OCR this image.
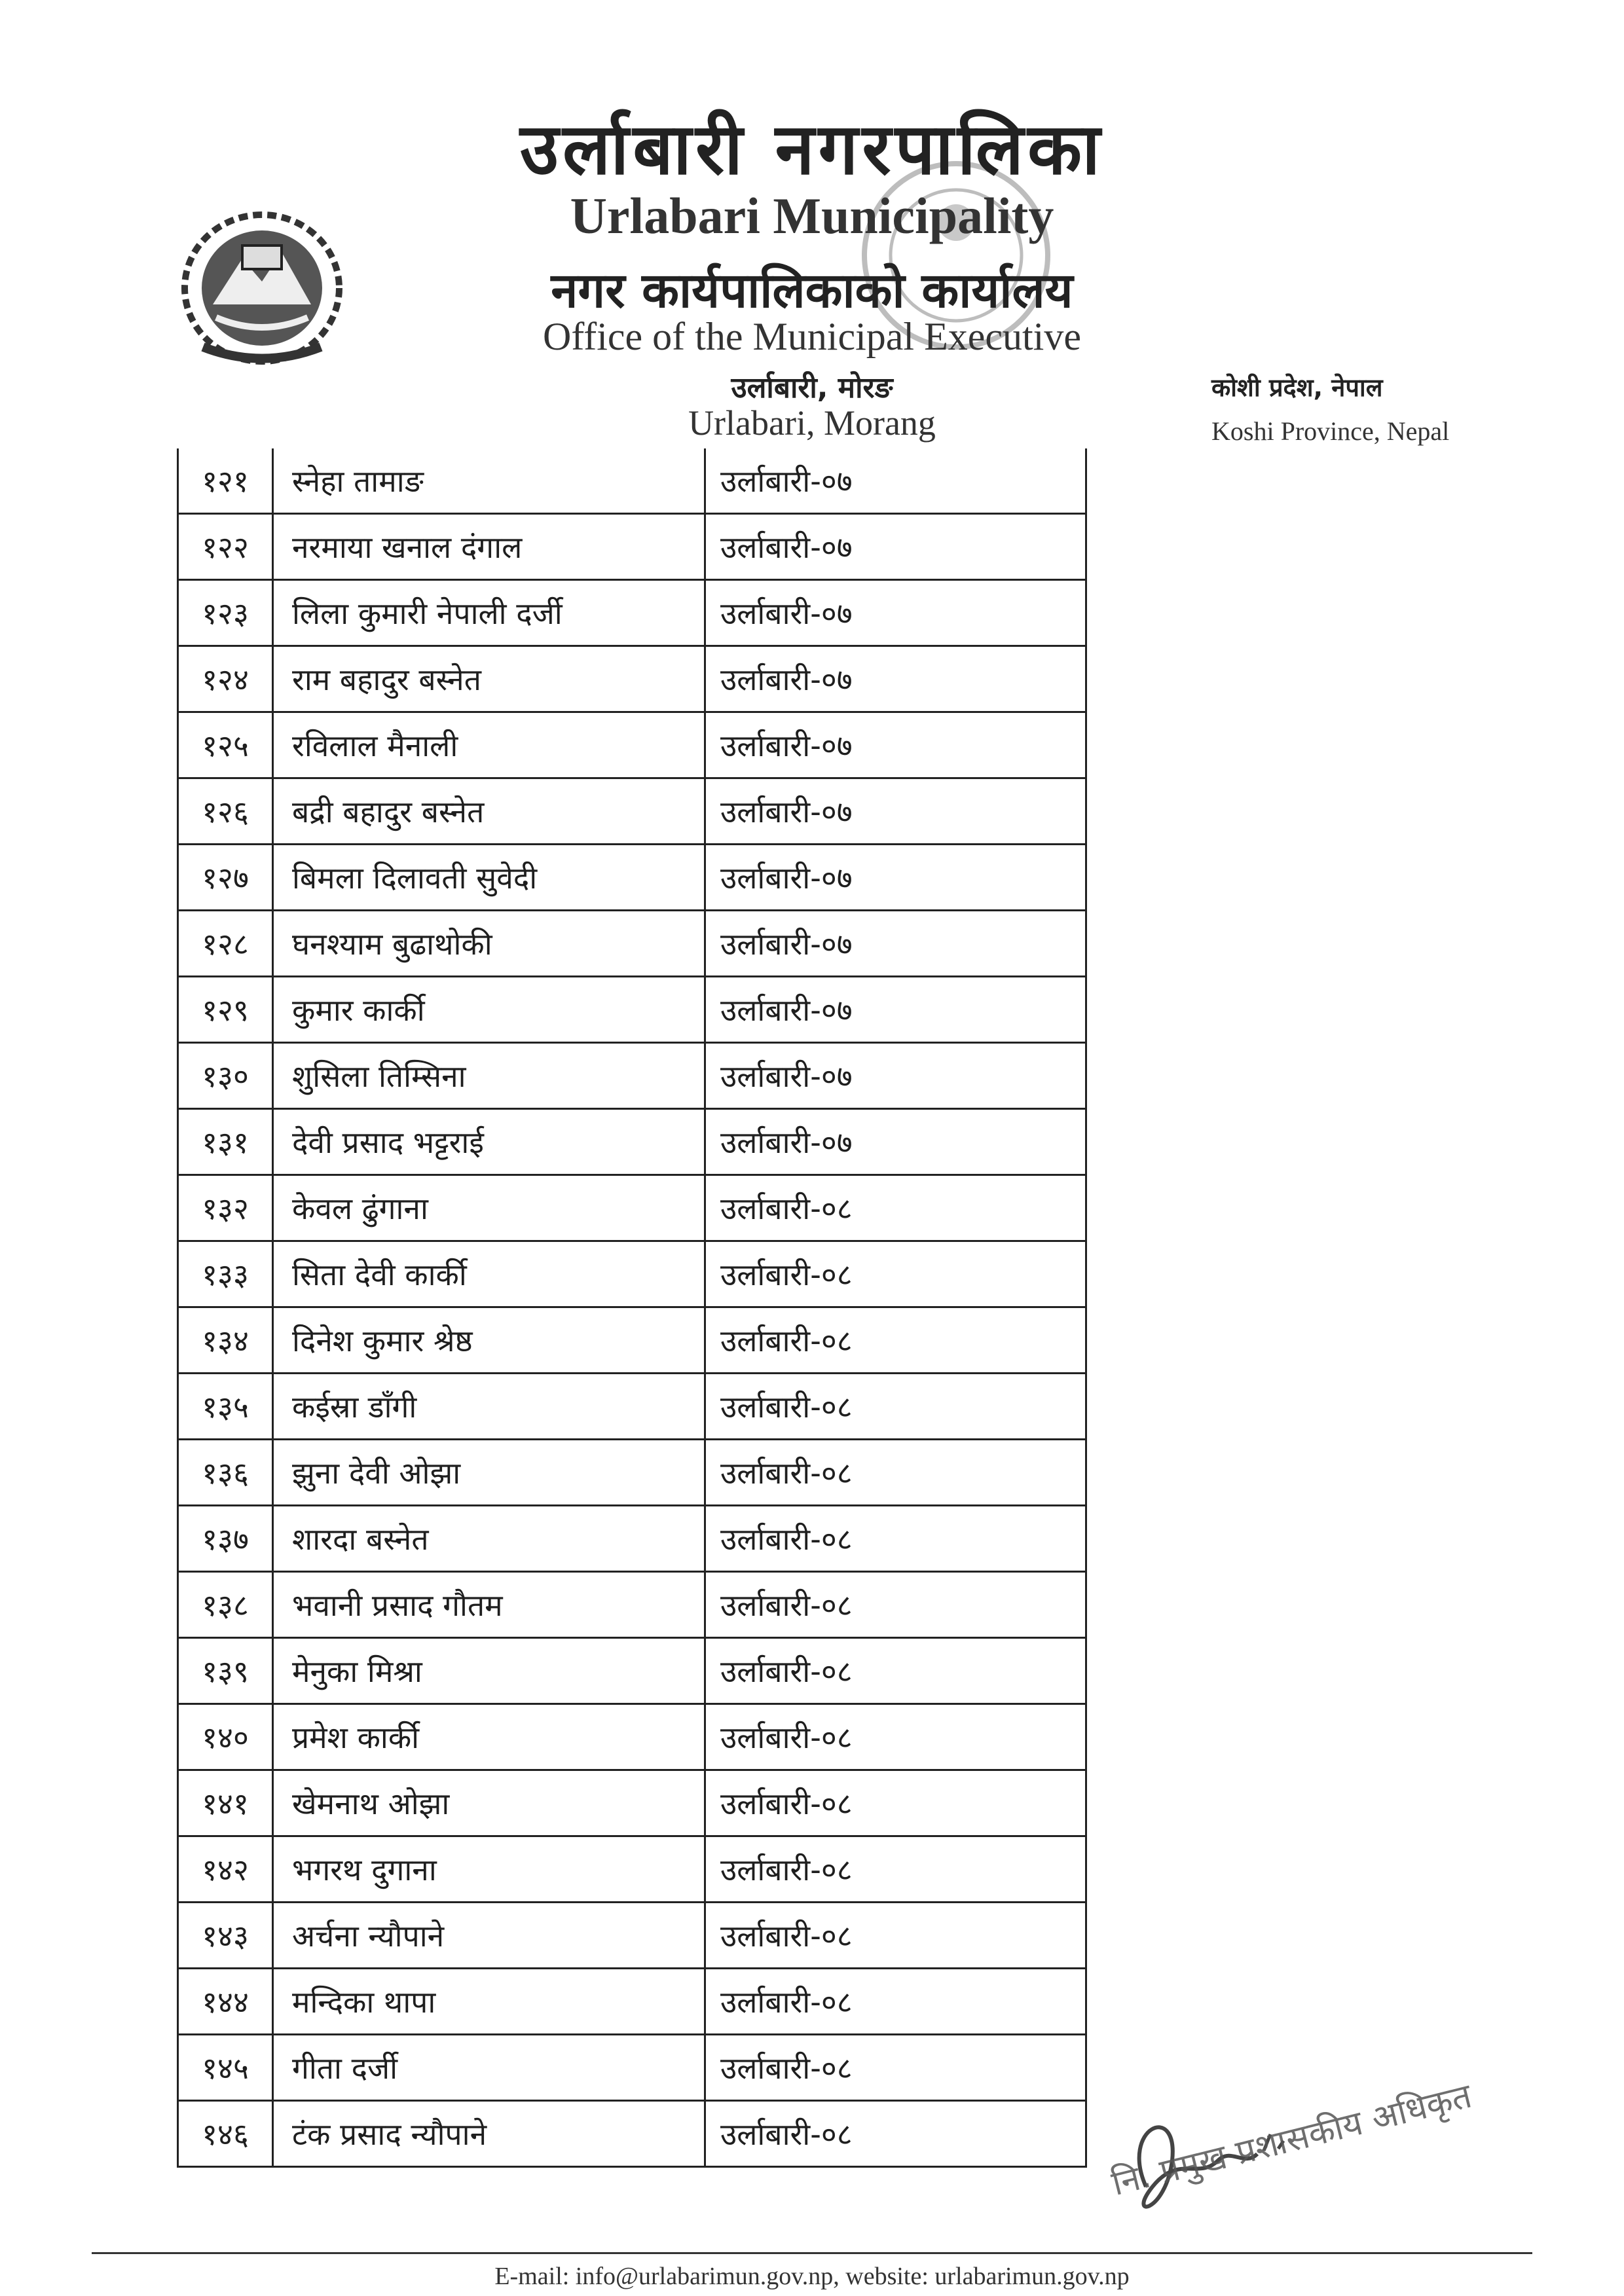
उर्लाबारी नगरपालिका
Urlabari Municipality
नगर कार्यपालिकाको कार्यालय
Office of the Municipal Executive
उर्लाबारी, मोरङ
Urlabari, Morang
कोशी प्रदेश, नेपाल
Koshi Province, Nepal
१२१	स्नेहा तामाङ	उर्लाबारी-०७
१२२	नरमाया खनाल दंगाल	उर्लाबारी-०७
१२३	लिला कुमारी नेपाली दर्जी	उर्लाबारी-०७
१२४	राम बहादुर बस्नेत	उर्लाबारी-०७
१२५	रविलाल मैनाली	उर्लाबारी-०७
१२६	बद्री बहादुर बस्नेत	उर्लाबारी-०७
१२७	बिमला दिलावती सुवेदी	उर्लाबारी-०७
१२८	घनश्याम बुढाथोकी	उर्लाबारी-०७
१२९	कुमार कार्की	उर्लाबारी-०७
१३०	शुसिला तिम्सिना	उर्लाबारी-०७
१३१	देवी प्रसाद भट्टराई	उर्लाबारी-०७
१३२	केवल ढुंगाना	उर्लाबारी-०८
१३३	सिता देवी कार्की	उर्लाबारी-०८
१३४	दिनेश कुमार श्रेष्ठ	उर्लाबारी-०८
१३५	कईस्रा डाँगी	उर्लाबारी-०८
१३६	झुना देवी ओझा	उर्लाबारी-०८
१३७	शारदा बस्नेत	उर्लाबारी-०८
१३८	भवानी प्रसाद गौतम	उर्लाबारी-०८
१३९	मेनुका मिश्रा	उर्लाबारी-०८
१४०	प्रमेश कार्की	उर्लाबारी-०८
१४१	खेमनाथ ओझा	उर्लाबारी-०८
१४२	भगरथ दुगाना	उर्लाबारी-०८
१४३	अर्चना न्यौपाने	उर्लाबारी-०८
१४४	मन्दिका थापा	उर्लाबारी-०८
१४५	गीता दर्जी	उर्लाबारी-०८
१४६	टंक प्रसाद न्यौपाने	उर्लाबारी-०८	नि. प्रमुख प्रशासकीय अधिकृत
E-mail: info@urlabarimun.gov.np, website: urlabarimun.gov.np
